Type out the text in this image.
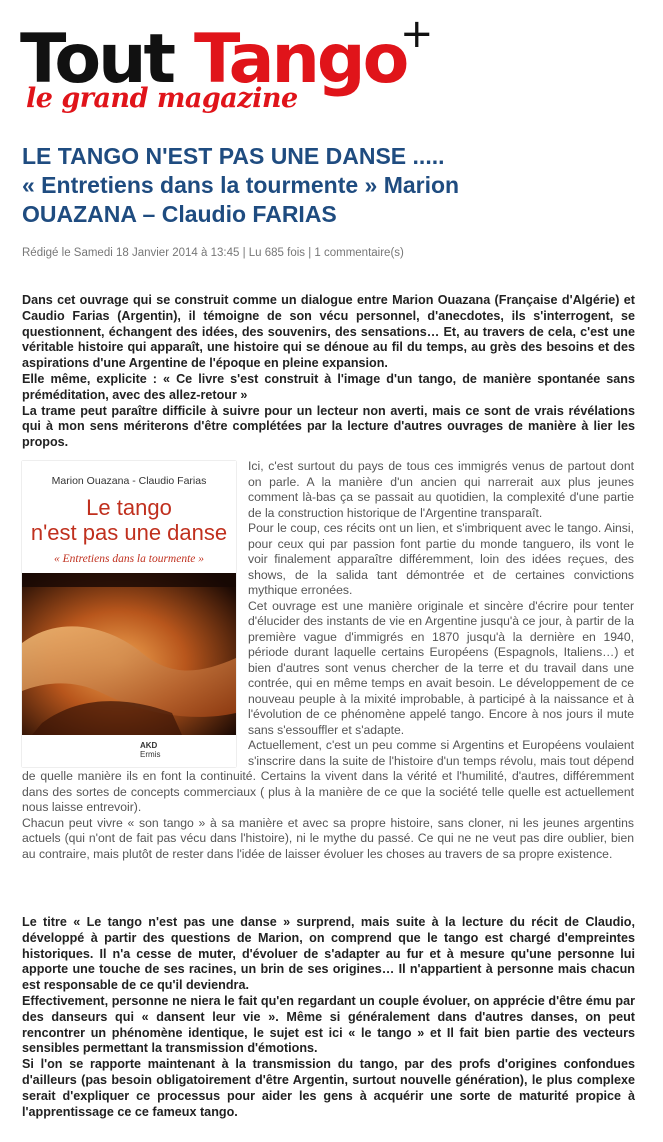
Tout Tango
+
le grand magazine
LE TANGO N'EST PAS UNE DANSE .....
« Entretiens dans la tourmente » Marion
OUAZANA – Claudio FARIAS
Rédigé le Samedi 18 Janvier 2014 à 13:45 | Lu 685 fois | 1 commentaire(s)

Dans cet ouvrage qui se construit comme un dialogue entre Marion Ouazana (Française d'Algérie) et Caudio Farias (Argentin), il témoigne de son vécu personnel, d'anecdotes, ils s'interrogent, se questionnent, échangent des idées, des souvenirs, des sensations… Et, au travers de cela, c'est une véritable histoire qui apparaît, une histoire qui se dénoue au fil du temps, au grès des besoins et des aspirations d'une Argentine de l'époque en pleine expansion.

Elle même, explicite : « Ce livre s'est construit à l'image d'un tango, de manière spontanée sans préméditation, avec des allez-retour »

La trame peut paraître difficile à suivre pour un lecteur non averti, mais ce sont de vrais révélations qui à mon sens mériterons d'être complétées par la lecture d'autres ouvrages de manière à lier les propos.

Ici, c'est surtout du pays de tous ces immigrés venus de partout dont on parle. A la manière d'un ancien qui narrerait aux plus jeunes comment là-bas ça se passait au quotidien, la complexité d'une partie de la construction historique de l'Argentine transparaît.

Pour le coup, ces récits ont un lien, et s'imbriquent avec le tango. Ainsi, pour ceux qui par passion font partie du monde tanguero, ils vont le voir finalement apparaître différemment, loin des idées reçues, des shows, de la salida tant démontrée et de certaines convictions mythique erronées.

Cet ouvrage est une manière originale et sincère d'écrire pour tenter d'élucider des instants de vie en Argentine jusqu'à ce jour, à partir de la première vague d'immigrés en 1870 jusqu'à la dernière en 1940, période durant laquelle certains Européens (Espagnols, Italiens…) et bien d'autres sont venus chercher de la terre et du travail dans une contrée, qui en même temps en avait besoin. Le développement de ce nouveau peuple à la mixité improbable, à participé à la naissance et à l'évolution de ce phénomène appelé tango. Encore à nos jours il mute sans s'essouffler et s'adapte.

Actuellement, c'est un peu comme si Argentins et Européens voulaient s'inscrire dans la suite de l'histoire d'un temps révolu, mais tout dépend de quelle manière ils en font la continuité. Certains la vivent dans la vérité et l'humilité, d'autres, différemment dans des sortes de concepts commerciaux ( plus à la manière de ce que la société telle quelle est actuellement nous laisse entrevoir).

Chacun peut vivre « son tango » à sa manière et avec sa propre histoire, sans cloner, ni les jeunes argentins actuels (qui n'ont de fait pas vécu dans l'histoire), ni le mythe du passé. Ce qui ne ne veut pas dire oublier, bien au contraire, mais plutôt de rester dans l'idée de laisser évoluer les choses au travers de sa propre existence.

Marion Ouazana - Claudio Farias
Le tango
n'est pas une danse
« Entretiens dans la tourmente »
AKD
Ermis

Le titre « Le tango n'est pas une danse » surprend, mais suite à la lecture du récit de Claudio, développé à partir des questions de Marion, on comprend que le tango est chargé d'empreintes historiques. Il n'a cesse de muter, d'évoluer de s'adapter au fur et à mesure qu'une personne lui apporte une touche de ses racines, un brin de ses origines… Il n'appartient à personne mais chacun est responsable de ce qu'il deviendra.

Effectivement, personne ne niera le fait qu'en regardant un couple évoluer, on apprécie d'être ému par des danseurs qui « dansent leur vie ». Même si généralement dans d'autres danses, on peut rencontrer un phénomène identique, le sujet est ici « le tango » et Il fait bien partie des vecteurs sensibles permettant la transmission d'émotions.

Si l'on se rapporte maintenant à la transmission du tango, par des profs d'origines confondues d'ailleurs (pas besoin obligatoirement d'être Argentin, surtout nouvelle génération), le plus complexe serait d'expliquer ce processus pour aider les gens à acquérir une sorte de maturité propice à l'apprentissage ce ce fameux tango.
